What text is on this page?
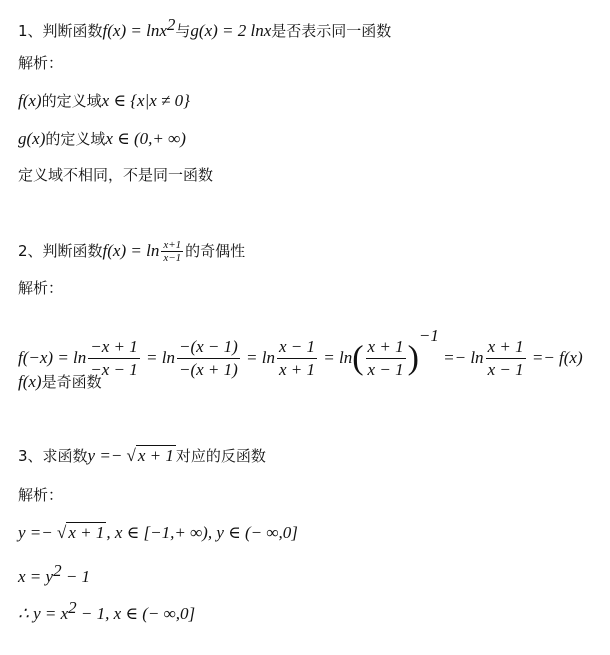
1、判断函数f(x) = lnx$^2$与g(x) = 2 lnx是否表示同一函数
解析：
f(x)的定义域x ∈ {x|x ≠ 0}
g(x)的定义域x ∈ (0,+ ∞)
定义域不相同，不是同一函数
2、判断函数$f(x) = \ln \frac{x+1}{x-1}$ 的奇偶性
解析：
$f(-x) = \ln \frac{-x + 1}{-x - 1} = \ln \frac{-(x - 1)}{-(x + 1)} = \ln \frac{x - 1}{x + 1} = \ln( \frac{x + 1}{x - 1} )^{-1} =- \ln \frac{x + 1}{x - 1} =- f(x)$
f(x)是奇函数
3、求函数y =− √ x + 1 对应的反函数
解析：
y =− √ x + 1 , x ∈ [−1,+ ∞), y ∈ (− ∞,0]
$x = y^2 - 1$
∴ $y = x^2 - 1$, x ∈ (− ∞,0]
